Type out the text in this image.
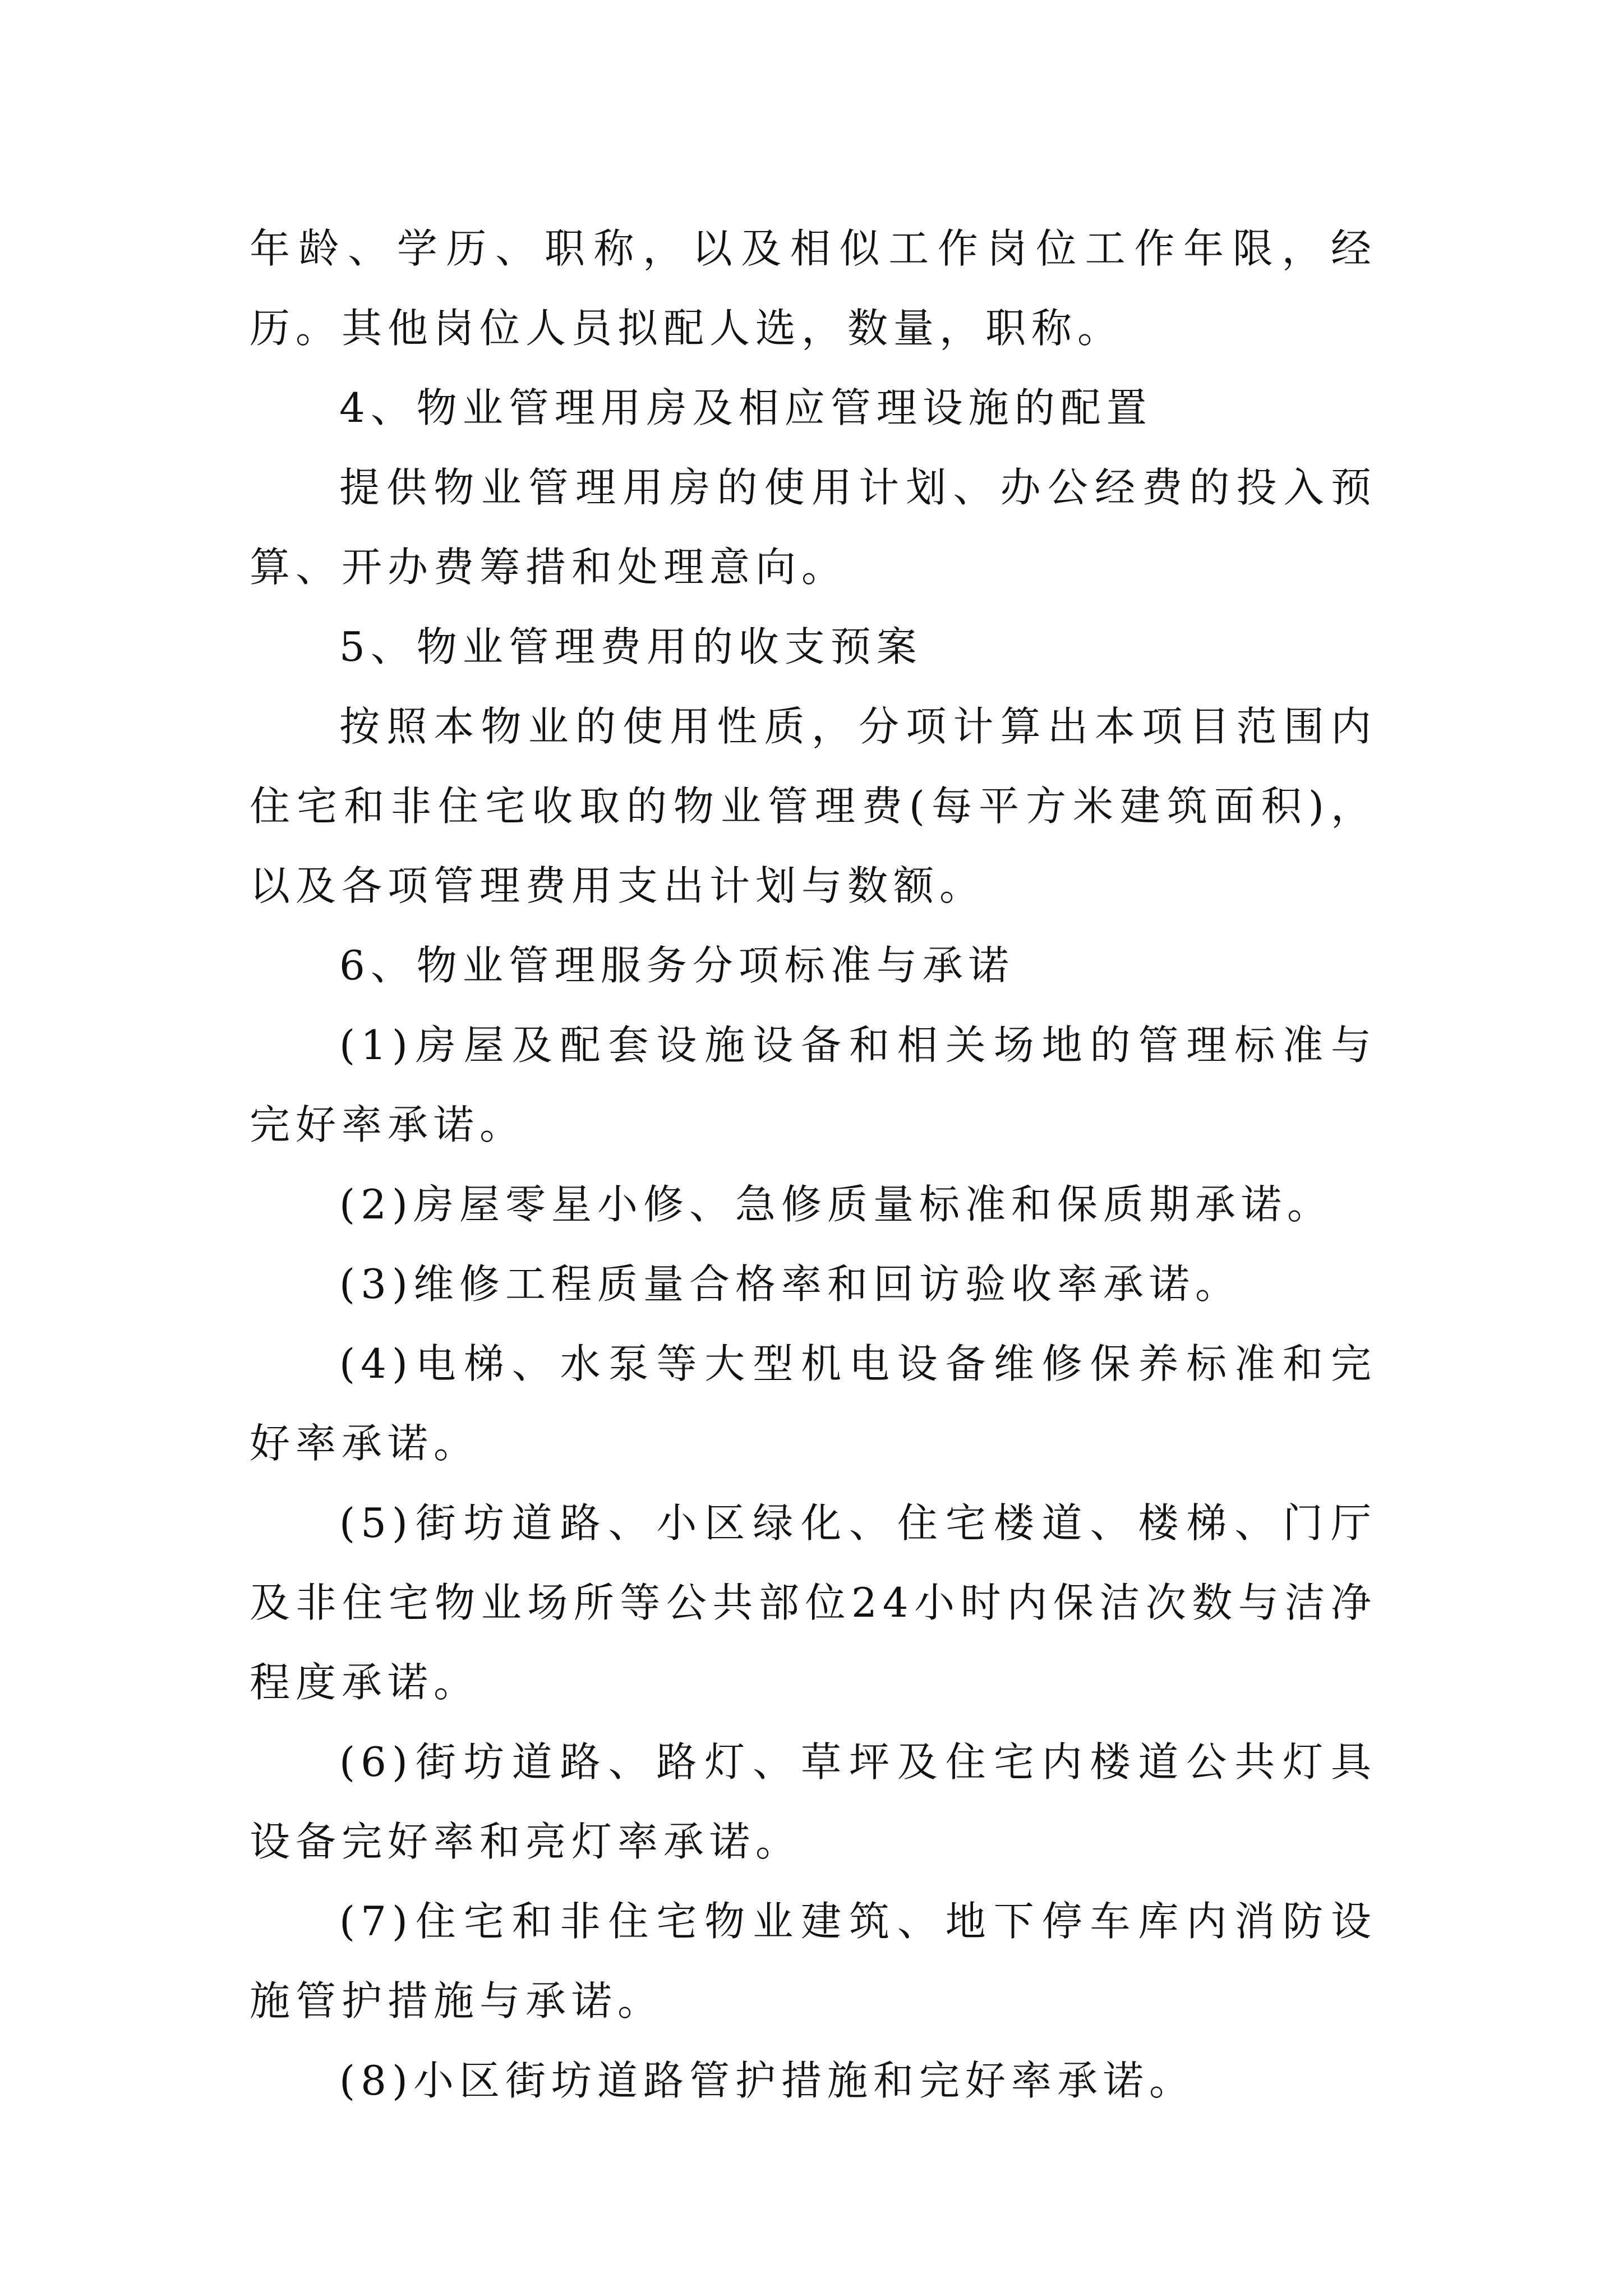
年龄、学历、职称，以及相似工作岗位工作年限，经历。其他岗位人员拟配人选，数量，职称。

4、物业管理用房及相应管理设施的配置

提供物业管理用房的使用计划、办公经费的投入预算、开办费筹措和处理意向。

5、物业管理费用的收支预案

按照本物业的使用性质，分项计算出本项目范围内住宅和非住宅收取的物业管理费(每平方米建筑面积)，以及各项管理费用支出计划与数额。

6、物业管理服务分项标准与承诺

(1)房屋及配套设施设备和相关场地的管理标准与完好率承诺。

(2)房屋零星小修、急修质量标准和保质期承诺。

(3)维修工程质量合格率和回访验收率承诺。

(4)电梯、水泵等大型机电设备维修保养标准和完好率承诺。

(5)街坊道路、小区绿化、住宅楼道、楼梯、门厅及非住宅物业场所等公共部位24小时内保洁次数与洁净程度承诺。

(6)街坊道路、路灯、草坪及住宅内楼道公共灯具设备完好率和亮灯率承诺。

(7)住宅和非住宅物业建筑、地下停车库内消防设施管护措施与承诺。

(8)小区街坊道路管护措施和完好率承诺。
